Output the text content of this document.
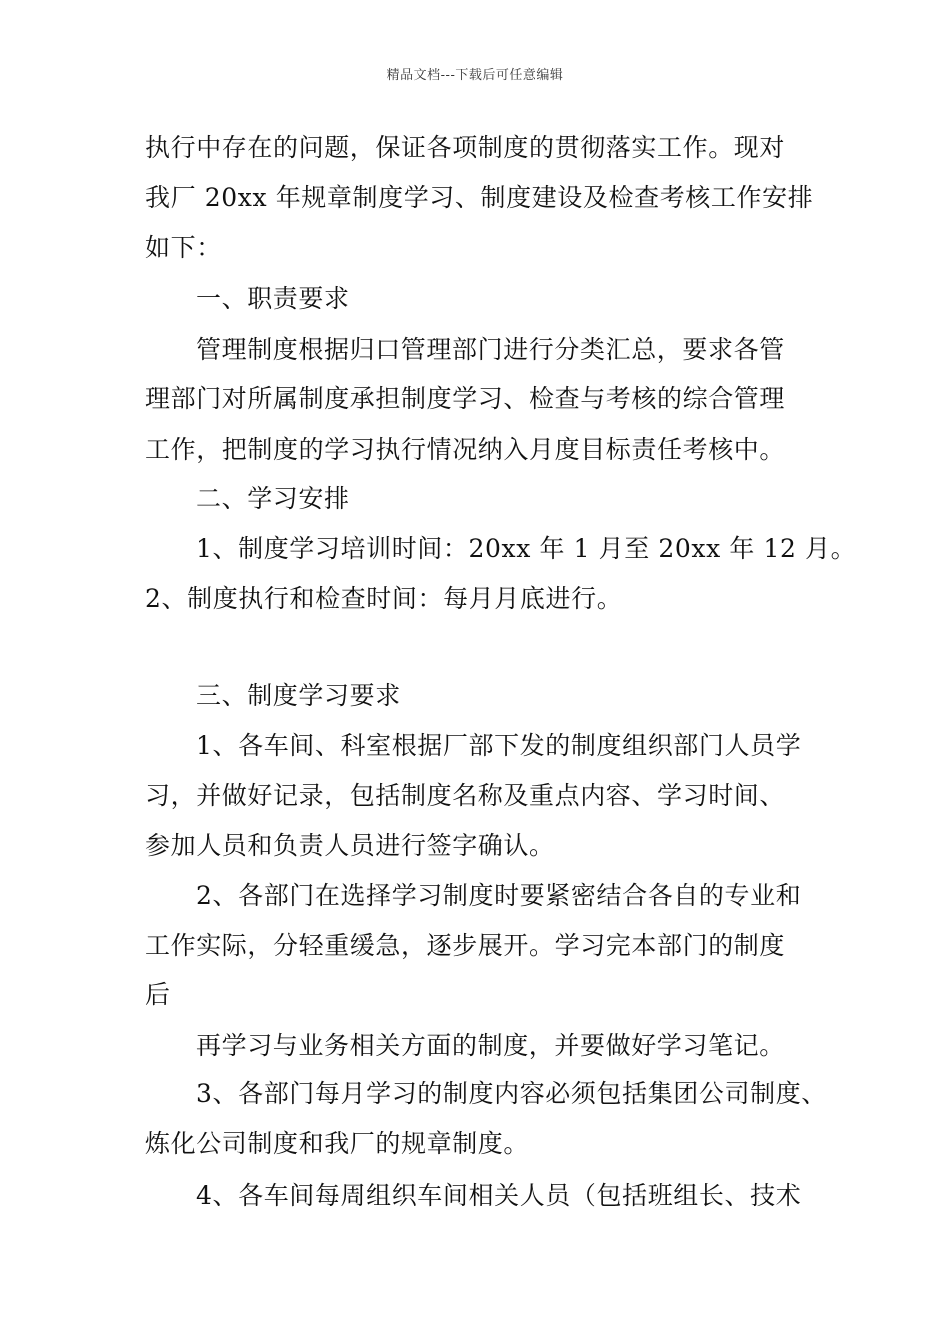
精品文档---下载后可任意编辑
执行中存在的问题，保证各项制度的贯彻落实工作。现对
我厂 20xx 年规章制度学习、制度建设及检查考核工作安排
如下：
一、职责要求
管理制度根据归口管理部门进行分类汇总，要求各管
理部门对所属制度承担制度学习、检查与考核的综合管理
工作，把制度的学习执行情况纳入月度目标责任考核中。
二、学习安排
1、制度学习培训时间：20xx 年 1 月至 20xx 年 12 月。
2、制度执行和检查时间：每月月底进行。
三、制度学习要求
1、各车间、科室根据厂部下发的制度组织部门人员学
习，并做好记录，包括制度名称及重点内容、学习时间、
参加人员和负责人员进行签字确认。
2、各部门在选择学习制度时要紧密结合各自的专业和
工作实际，分轻重缓急，逐步展开。学习完本部门的制度
后
再学习与业务相关方面的制度，并要做好学习笔记。
3、各部门每月学习的制度内容必须包括集团公司制度、
炼化公司制度和我厂的规章制度。
4、各车间每周组织车间相关人员（包括班组长、技术
